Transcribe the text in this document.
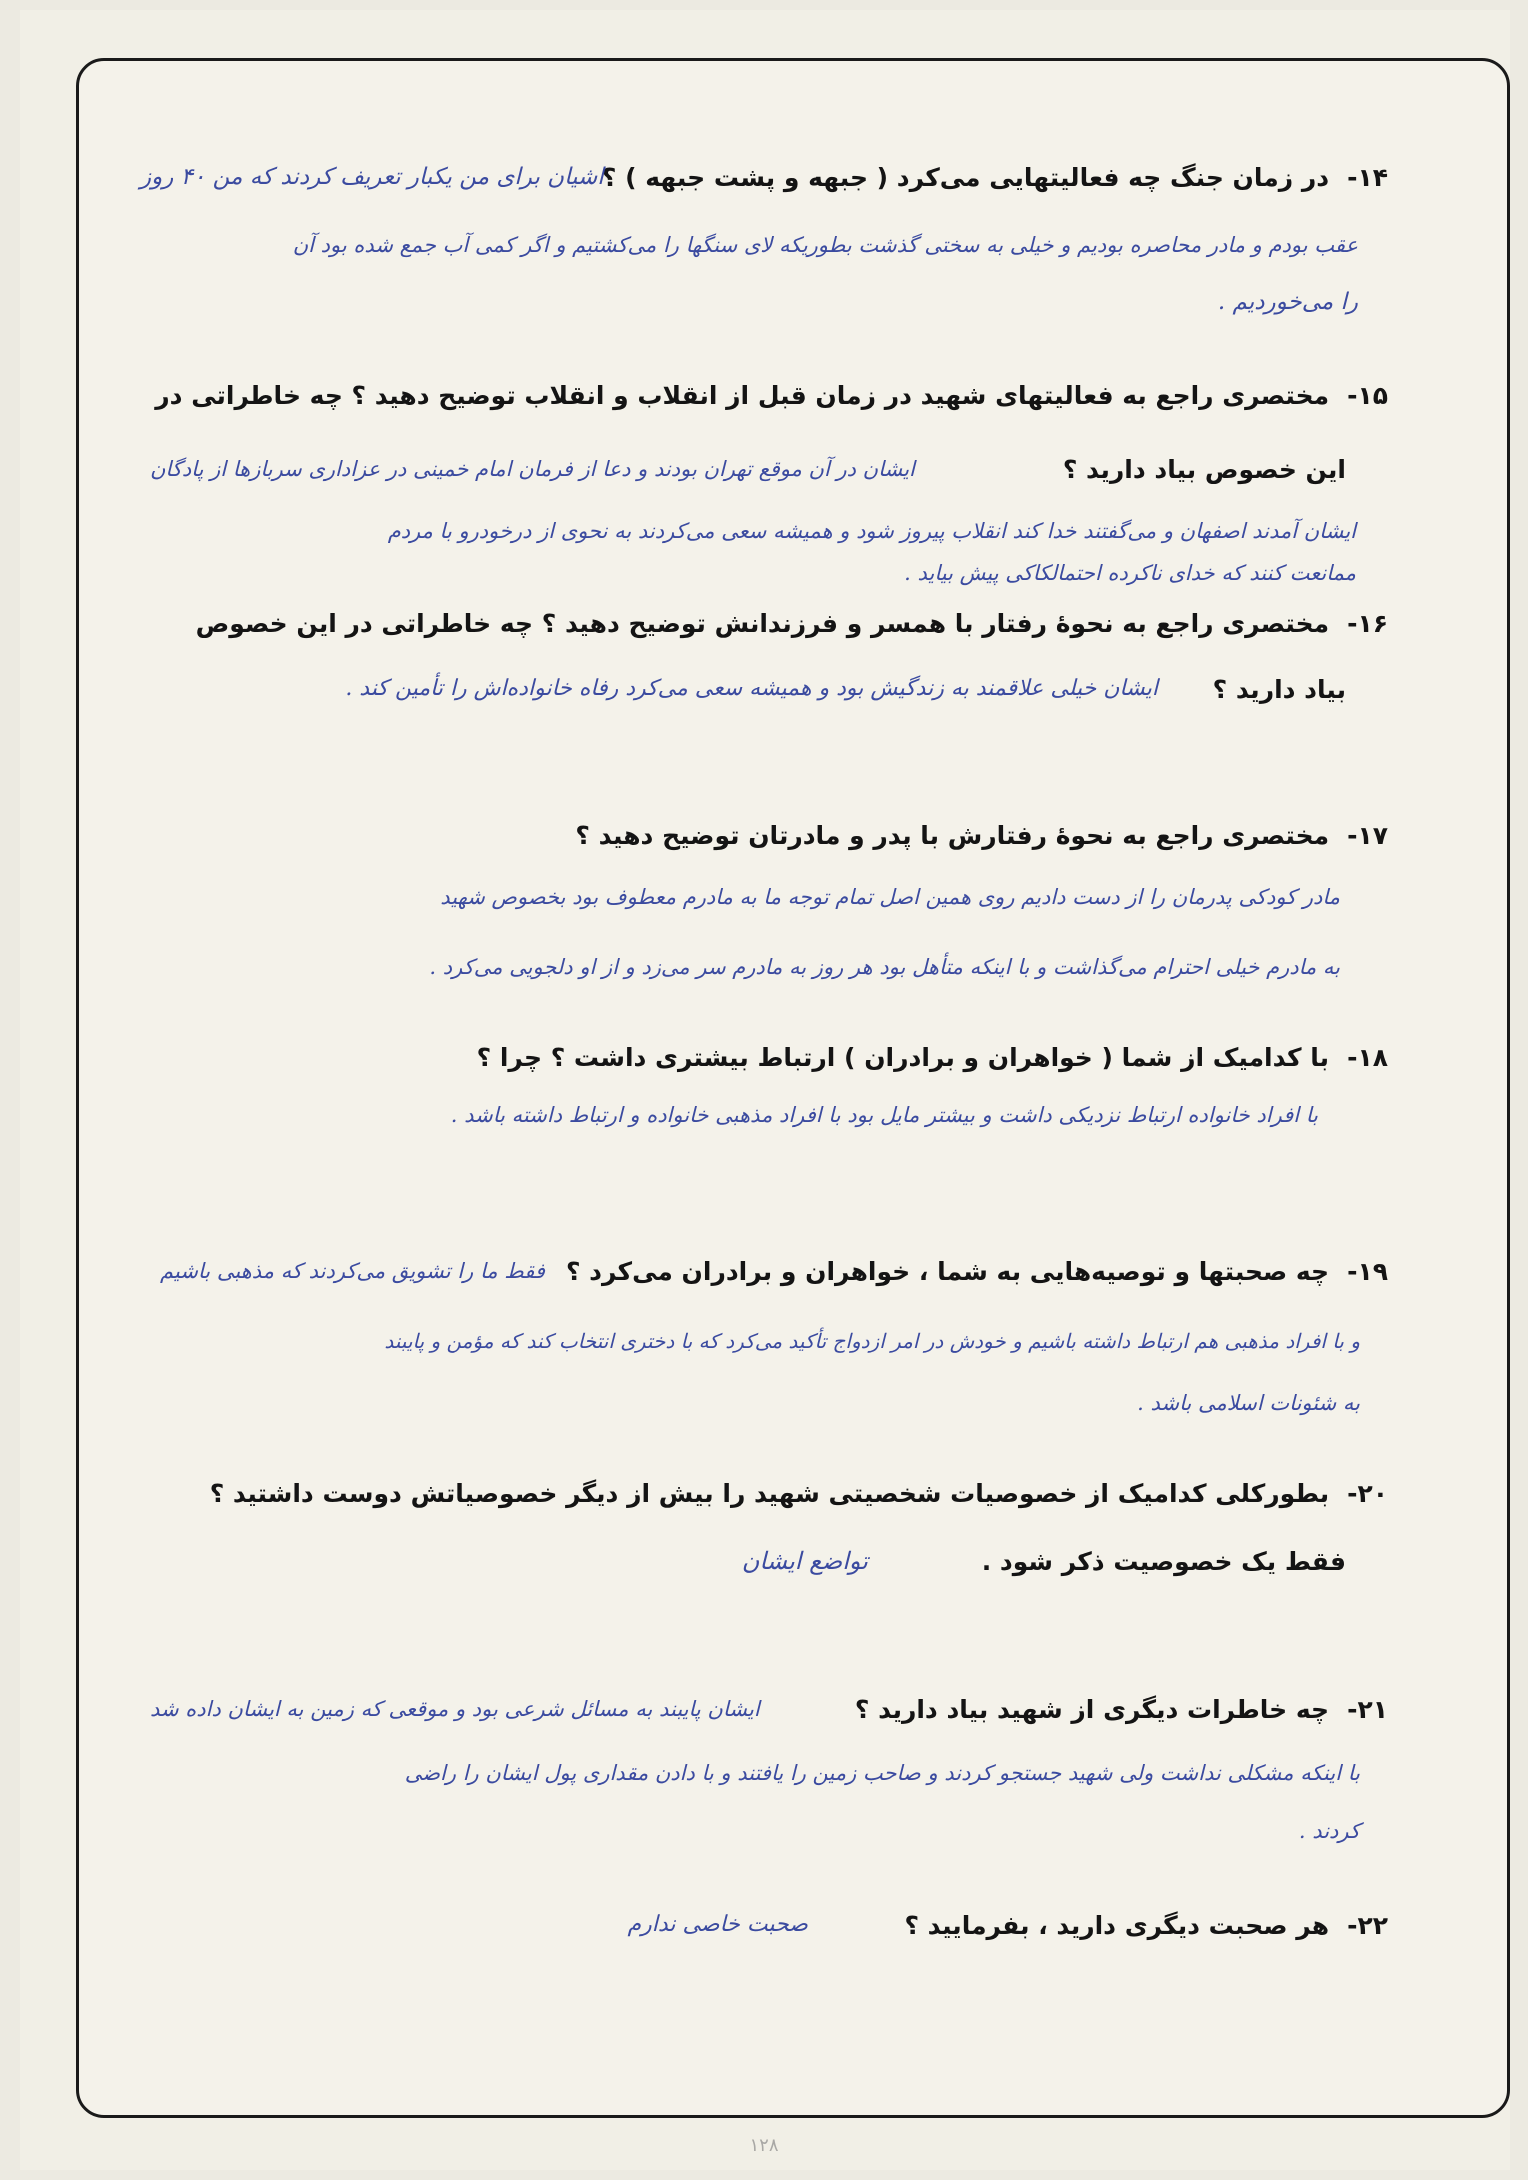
۱۴-در زمان جنگ چه فعالیتهایی می‌کرد ( جبهه و پشت جبهه ) ؟
اشیان برای من یکبار تعریف کردند که من ۴۰ روز
عقب بودم و مادر محاصره بودیم و خیلی به سختی گذشت بطوریکه لای سنگها را می‌کشتیم و اگر کمی آب جمع شده بود آن
را می‌خوردیم .
۱۵-مختصری راجع به فعالیتهای شهید در زمان قبل از انقلاب و انقلاب توضیح دهید ؟ چه خاطراتی در
این خصوص بیاد دارید ؟
ایشان در آن موقع تهران بودند و دعا از فرمان امام خمینی در عزاداری سربازها از پادگان
ایشان آمدند اصفهان و می‌گفتند خدا کند انقلاب پیروز شود و همیشه سعی می‌کردند به نحوی از درخودرو با مردم
ممانعت کنند که خدای ناکرده احتمالکاکی پیش بیاید .
۱۶-مختصری راجع به نحوهٔ رفتار با همسر و فرزندانش توضیح دهید ؟ چه خاطراتی در این خصوص
بیاد دارید ؟
ایشان خیلی علاقمند به زندگیش بود و همیشه سعی می‌کرد رفاه خانواده‌اش را تأمین کند .
۱۷-مختصری راجع به نحوهٔ رفتارش با پدر و مادرتان توضیح دهید ؟
مادر کودکی پدرمان را از دست دادیم روی همین اصل تمام توجه ما به مادرم معطوف بود بخصوص شهید
به مادرم خیلی احترام می‌گذاشت و با اینکه متأهل بود هر روز به مادرم سر می‌زد و از او دلجویی می‌کرد .
۱۸-با کدامیک از شما ( خواهران و برادران ) ارتباط بیشتری داشت ؟ چرا ؟
با افراد خانواده ارتباط نزدیکی داشت و بیشتر مایل بود با افراد مذهبی خانواده و ارتباط داشته باشد .
۱۹-چه صحبتها و توصیه‌هایی به شما ، خواهران و برادران می‌کرد ؟
فقط ما را تشویق می‌کردند که مذهبی باشیم
و با افراد مذهبی هم ارتباط داشته باشیم و خودش در امر ازدواج تأکید می‌کرد که با دختری انتخاب کند که مؤمن و پایبند
به شئونات اسلامی باشد .
۲۰-بطورکلی کدامیک از خصوصیات شخصیتی شهید را بیش از دیگر خصوصیاتش دوست داشتید ؟
فقط یک خصوصیت ذکر شود .
تواضع ایشان
۲۱-چه خاطرات دیگری از شهید بیاد دارید ؟
ایشان پایبند به مسائل شرعی بود و موقعی که زمین به ایشان داده شد
با اینکه مشکلی نداشت ولی شهید جستجو کردند و صاحب زمین را یافتند و با دادن مقداری پول ایشان را راضی
کردند .
۲۲-هر صحبت دیگری دارید ، بفرمایید ؟
صحبت خاصی ندارم
۱۲۸
